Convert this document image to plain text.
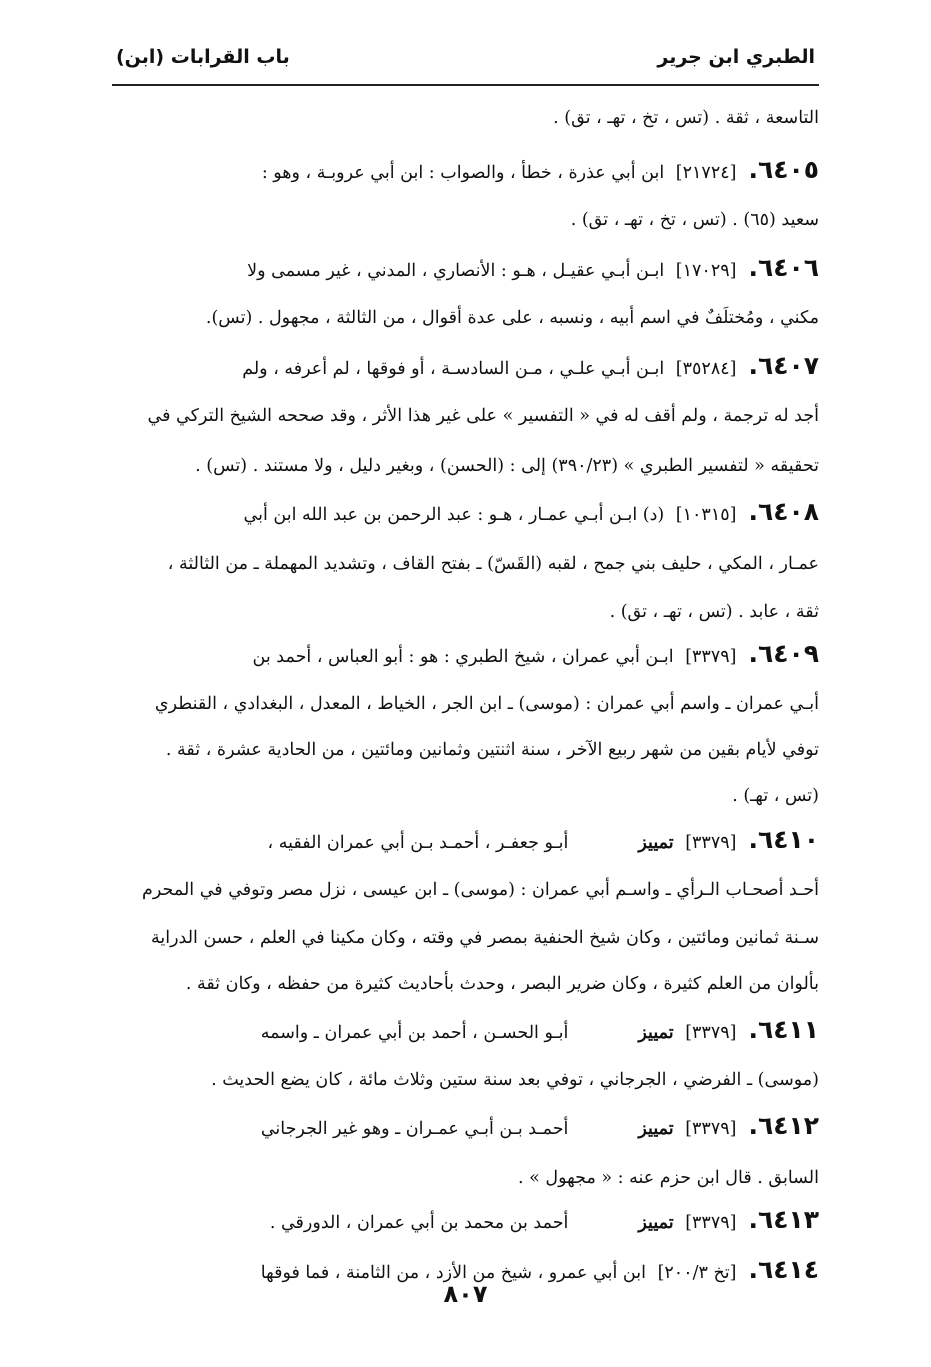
الطبري ابن جرير
باب القرابات (ابن)
التاسعة ، ثقة . (تس ، تخ ، تهـ ، تق) .
٦٤٠٥.[٢١٧٢٤] ابن أبي عذرة ، خطأ ، والصواب : ابن أبي عروبـة ، وهو :
سعيد (٦٥) . (تس ، تخ ، تهـ ، تق) .
٦٤٠٦.[١٧٠٢٩] ابـن أبـي عقيـل ، هـو : الأنصاري ، المدني ، غير مسمى ولا
مكني ، ومُختلَفٌ في اسم أبيه ، ونسبه ، على عدة أقوال ، من الثالثة ، مجهول . (تس).
٦٤٠٧.[٣٥٢٨٤] ابـن أبـي علـي ، مـن السادسـة ، أو فوقها ، لم أعرفه ، ولم
أجد له ترجمة ، ولم أقف له في « التفسير » على غير هذا الأثر ، وقد صححه الشيخ التركي في
تحقيقه « لتفسير الطبري » (٣٩٠/٢٣) إلى : (الحسن) ، وبغير دليل ، ولا مستند . (تس) .
٦٤٠٨.[١٠٣١٥] (د) ابـن أبـي عمـار ، هـو : عبد الرحمن بن عبد الله ابن أبي
عمـار ، المكي ، حليف بني جمح ، لقبه (القَسّ) ـ بفتح القاف ، وتشديد المهملة ـ من الثالثة ،
ثقة ، عابد . (تس ، تهـ ، تق) .
٦٤٠٩.[٣٣٧٩] ابـن أبي عمران ، شيخ الطبري : هو : أبو العباس ، أحمد بن
أبـي عمران ـ واسم أبي عمران : (موسى) ـ ابن الجر ، الخياط ، المعدل ، البغدادي ، القنطري
توفي لأيام بقين من شهر ربيع الآخر ، سنة اثنتين وثمانين ومائتين ، من الحادية عشرة ، ثقة .
(تس ، تهـ) .
٦٤١٠.[٣٣٧٩] تمييزأبـو جعفـر ، أحمـد بـن أبي عمران الفقيه ،
أحـد أصحـاب الـرأي ـ واسـم أبي عمران : (موسى) ـ ابن عيسى ، نزل مصر وتوفي في المحرم
سـنة ثمانين ومائتين ، وكان شيخ الحنفية بمصر في وقته ، وكان مكينا في العلم ، حسن الدراية
بألوان من العلم كثيرة ، وكان ضرير البصر ، وحدث بأحاديث كثيرة من حفظه ، وكان ثقة .
٦٤١١.[٣٣٧٩] تمييزأبـو الحسـن ، أحمد بن أبي عمران ـ واسمه
(موسى) ـ الفرضي ، الجرجاني ، توفي بعد سنة ستين وثلاث مائة ، كان يضع الحديث .
٦٤١٢.[٣٣٧٩] تمييزأحمـد بـن أبـي عمـران ـ وهو غير الجرجاني
السابق . قال ابن حزم عنه : « مجهول » .
٦٤١٣.[٣٣٧٩] تمييزأحمد بن محمد بن أبي عمران ، الدورقي .
٦٤١٤.[تخ ٢٠٠/٣] ابن أبي عمرو ، شيخ من الأزد ، من الثامنة ، فما فوقها
٨٠٧
